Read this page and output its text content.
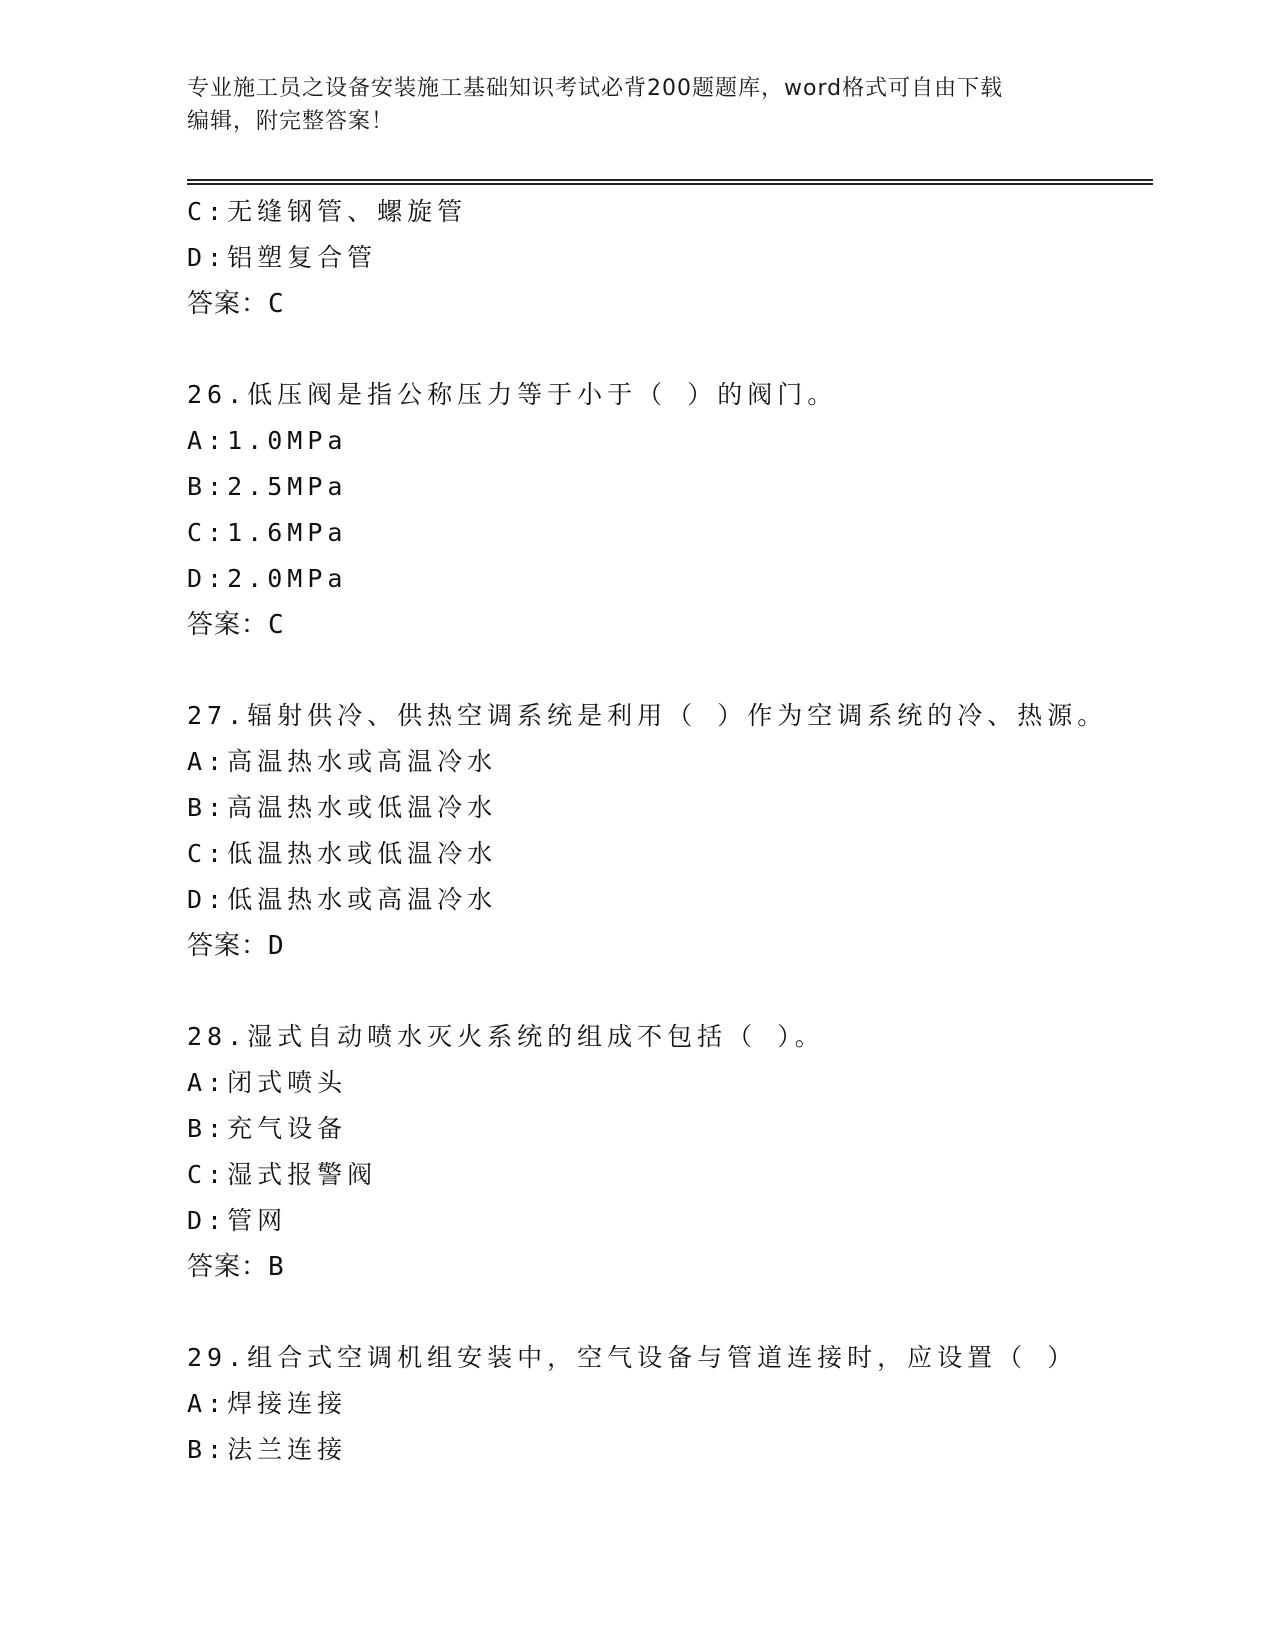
专业施工员之设备安装施工基础知识考试必背200题题库，word格式可自由下载
编辑，附完整答案！
C:无缝钢管、螺旋管
D:铝塑复合管
答案：C
26.低压阀是指公称压力等于小于（ ）的阀门。
A:1.0MPa
B:2.5MPa
C:1.6MPa
D:2.0MPa
答案：C
27.辐射供冷、供热空调系统是利用（ ）作为空调系统的冷、热源。
A:高温热水或高温冷水
B:高温热水或低温冷水
C:低温热水或低温冷水
D:低温热水或高温冷水
答案：D
28.湿式自动喷水灭火系统的组成不包括（ ）。
A:闭式喷头
B:充气设备
C:湿式报警阀
D:管网
答案：B
29.组合式空调机组安装中，空气设备与管道连接时，应设置（ ）
A:焊接连接
B:法兰连接
